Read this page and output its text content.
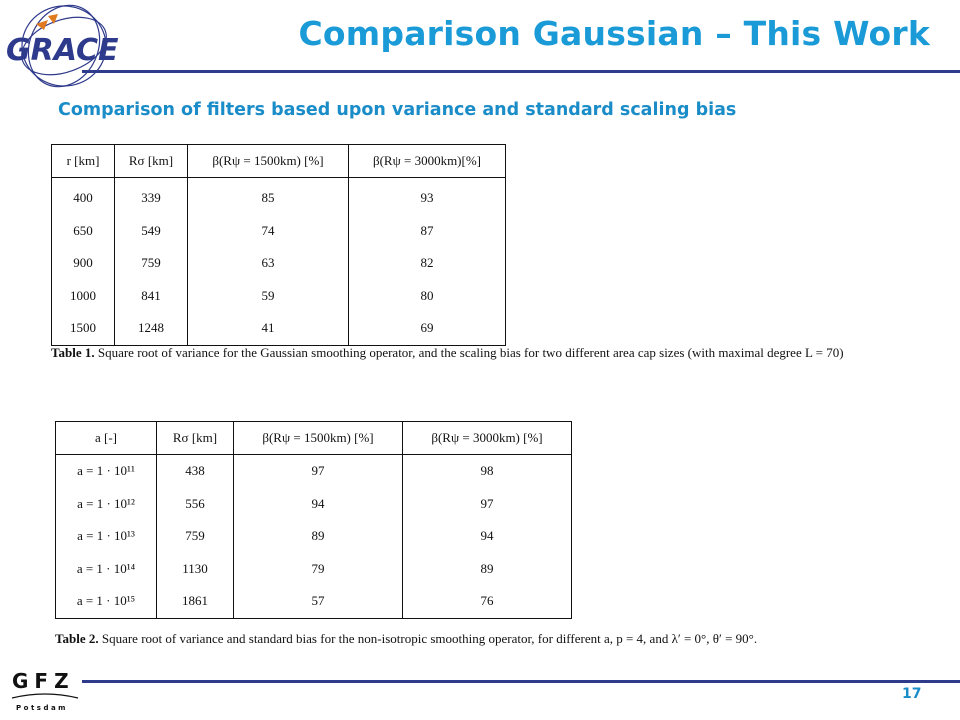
GRACE	Comparison Gaussian – This Work
Comparison of filters based upon variance and standard scaling bias
r [km]	Rσ [km]	β(Rψ = 1500km) [%]	β(Rψ = 3000km)[%]
400	339	85	93
650	549	74	87
900	759	63	82
1000	841	59	80
1500	1248	41	69
Table 1. Square root of variance for the Gaussian smoothing operator, and the scaling bias for two different area cap sizes (with maximal degree L = 70)
a [-]	Rσ [km]	β(Rψ = 1500km) [%]	β(Rψ = 3000km) [%]
a = 1 · 10¹¹	438	97	98
a = 1 · 10¹²	556	94	97
a = 1 · 10¹³	759	89	94
a = 1 · 10¹⁴	1130	79	89
a = 1 · 10¹⁵	1861	57	76
Table 2. Square root of variance and standard bias for the non-isotropic smoothing operator, for different a, p = 4, and λ′ = 0°, θ′ = 90°.
GFZ
Potsdam
17
